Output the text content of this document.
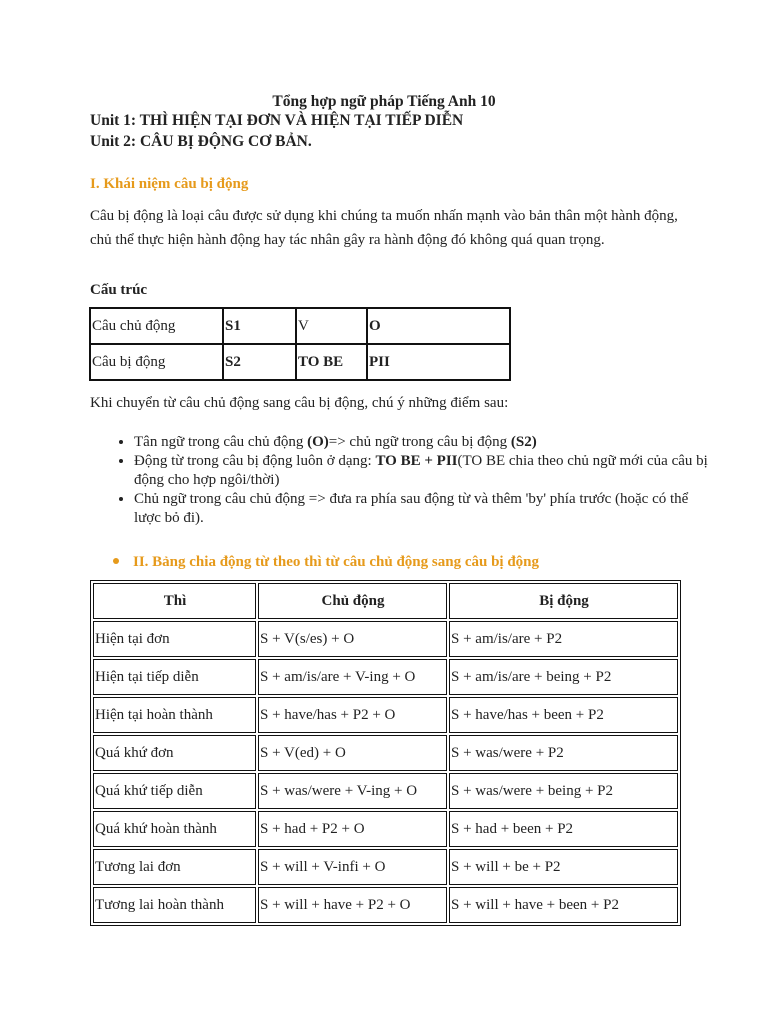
Tổng hợp ngữ pháp Tiếng Anh 10
Unit 1: THÌ HIỆN TẠI ĐƠN VÀ HIỆN TẠI TIẾP DIỄN
Unit 2: CÂU BỊ ĐỘNG CƠ BẢN.
I. Khái niệm câu bị động
Câu bị động là loại câu được sử dụng khi chúng ta muốn nhấn mạnh vào bản thân một hành động, chủ thể thực hiện hành động hay tác nhân gây ra hành động đó không quá quan trọng.
Cấu trúc
Câu chủ động	S1	V	O
Câu bị động	S2	TO BE	PII
Khi chuyển từ câu chủ động sang câu bị động, chú ý những điểm sau:
• Tân ngữ trong câu chủ động (O)=> chủ ngữ trong câu bị động (S2)
• Động từ trong câu bị động luôn ở dạng: TO BE + PII(TO BE chia theo chủ ngữ mới của câu bị động cho hợp ngôi/thời)
• Chủ ngữ trong câu chủ động => đưa ra phía sau động từ và thêm 'by' phía trước (hoặc có thể lược bỏ đi).
II. Bảng chia động từ theo thì từ câu chủ động sang câu bị động
Thì	Chủ động	Bị động
Hiện tại đơn	S + V(s/es) + O	S + am/is/are + P2
Hiện tại tiếp diễn	S + am/is/are + V-ing + O	S + am/is/are + being + P2
Hiện tại hoàn thành	S + have/has + P2 + O	S + have/has + been + P2
Quá khứ đơn	S + V(ed) + O	S + was/were + P2
Quá khứ tiếp diễn	S + was/were + V-ing + O	S + was/were + being + P2
Quá khứ hoàn thành	S + had + P2 + O	S + had + been + P2
Tương lai đơn	S + will + V-infi + O	S + will + be + P2
Tương lai hoàn thành	S + will + have + P2 + O	S + will + have + been + P2
